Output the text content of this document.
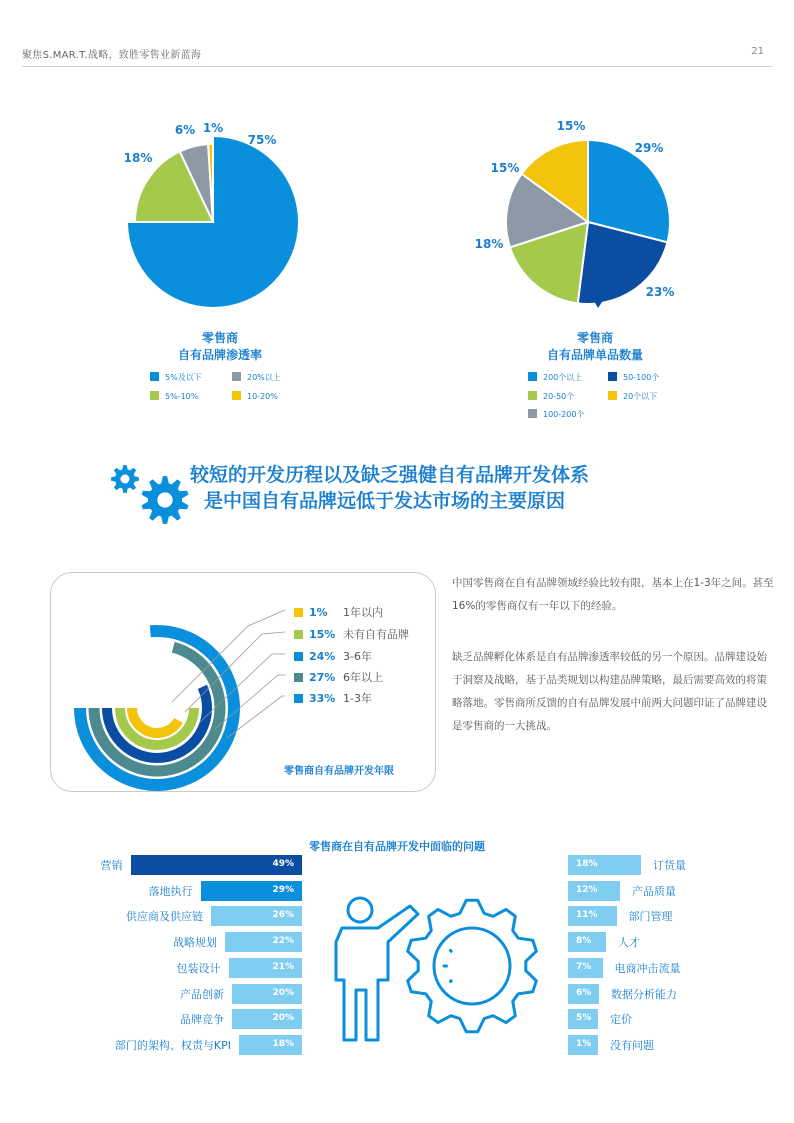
聚焦S.MAR.T.战略，致胜零售业新蓝海	21
75%
18%
6% 1%
29%
23%
18%
15%
15%
零售商
自有品牌渗透率
5%及以下	20%以上
5%-10%	10-20%
零售商
自有品牌单品数量
200个以上	50-100个
20-50个	20个以下
100-200个
较短的开发历程以及缺乏强健自有品牌开发体系
是中国自有品牌远低于发达市场的主要原因
零售商自有品牌开发年限
1% 1年以内
15% 未有自有品牌
24% 3-6年
27% 6年以上
33% 1-3年
中国零售商在自有品牌领域经验比较有限，基本上在1-3年之间。甚至16%的零售商仅有一年以下的经验。
缺乏品牌孵化体系是自有品牌渗透率较低的另一个原因。品牌建设始于洞察及战略，基于品类规划以构建品牌策略，最后需要高效的将策略落地。零售商所反馈的自有品牌发展中前两大问题印证了品牌建设是零售商的一大挑战。
零售商在自有品牌开发中面临的问题
49%
营销
29%
落地执行
26%
供应商及供应链
22%
战略规划
21%
包装设计
20%
产品创新
20%
品牌竞争
18%
部门的架构、权责与KPI
18%	订货量
12%	产品质量
11%	部门管理
8% 人才
7% 电商冲击流量
6% 数据分析能力
5% 定价
1% 没有问题
